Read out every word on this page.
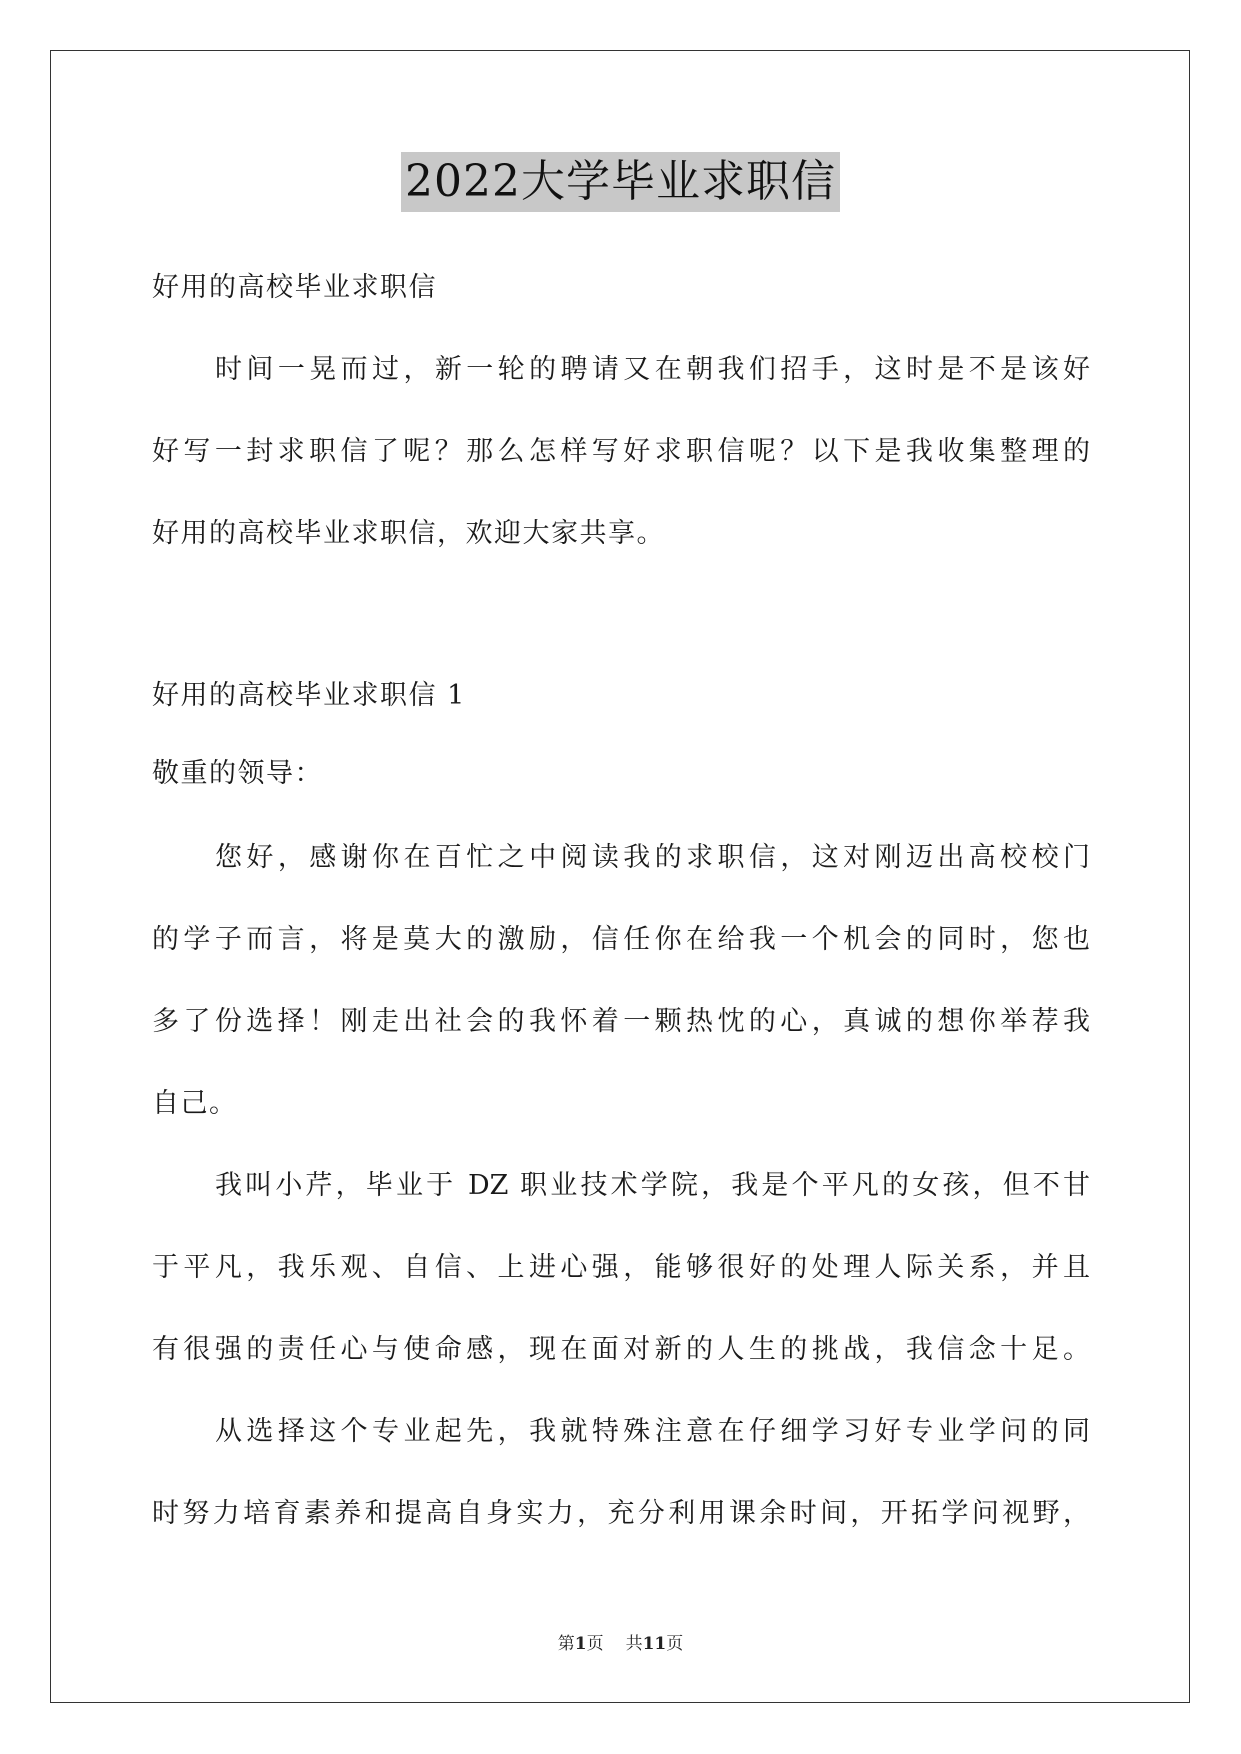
2022大学毕业求职信
好用的高校毕业求职信
时间一晃而过，新一轮的聘请又在朝我们招手，这时是不是该好
好写一封求职信了呢？那么怎样写好求职信呢？以下是我收集整理的
好用的高校毕业求职信，欢迎大家共享。
好用的高校毕业求职信 1
敬重的领导：
您好，感谢你在百忙之中阅读我的求职信，这对刚迈出高校校门
的学子而言，将是莫大的激励，信任你在给我一个机会的同时，您也
多了份选择！刚走出社会的我怀着一颗热忱的心，真诚的想你举荐我
自己。
我叫小芹，毕业于 DZ 职业技术学院，我是个平凡的女孩，但不甘
于平凡，我乐观、自信、上进心强，能够很好的处理人际关系，并且
有很强的责任心与使命感，现在面对新的人生的挑战，我信念十足。
从选择这个专业起先，我就特殊注意在仔细学习好专业学问的同
时努力培育素养和提高自身实力，充分利用课余时间，开拓学问视野，
第1页 共11页
